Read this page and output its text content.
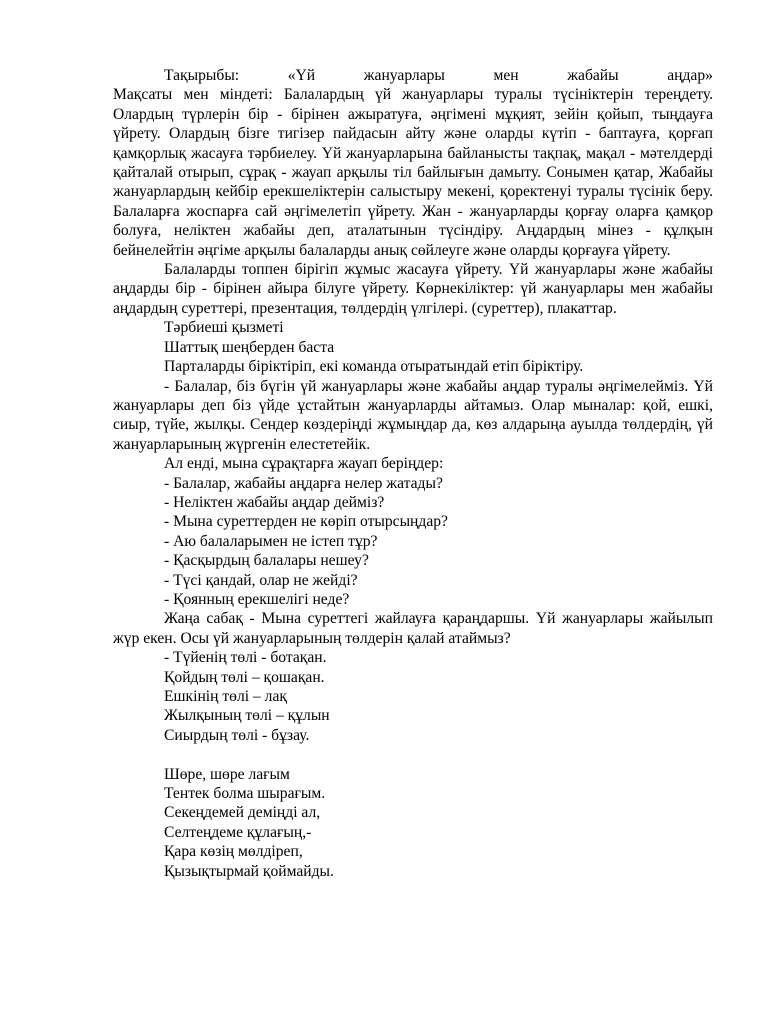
Тақырыбы:	«Үй	жануарлары	мен	жабайы	аңдар»

Мақсаты мен міндеті: Балалардың үй жануарлары туралы түсініктерін тереңдету. Олардың түрлерін бір - бірінен ажыратуға, әңгімені мұқият, зейін қойып, тыңдауға үйрету. Олардың бізге тигізер пайдасын айту және оларды күтіп - баптауға, қорғап қамқорлық жасауға тәрбиелеу. Үй жануарларына байланысты тақпақ, мақал - мәтелдерді қайталай отырып, сұрақ - жауап арқылы тіл байлығын дамыту. Сонымен қатар, Жабайы жануарлардың кейбір ерекшеліктерін салыстыру мекені, қоректенуі туралы түсінік беру. Балаларға жоспарға сай әңгімелетіп үйрету. Жан - жануарларды қорғау оларға қамқор болуға, неліктен жабайы деп, аталатынын түсіндіру. Аңдардың мінез - құлқын бейнелейтін әңгіме арқылы балаларды анық сөйлеуге және оларды қорғауға үйрету.

Балаларды топпен бірігіп жұмыс жасауға үйрету. Үй жануарлары және жабайы аңдарды бір - бірінен айыра білуге үйрету. Көрнекіліктер: үй жануарлары мен жабайы аңдардың суреттері, презентация, төлдердің үлгілері. (суреттер), плакаттар.

Тәрбиеші қызметі

Шаттық шеңберден баста

Парталарды біріктіріп, екі команда отыратындай етіп біріктіру.

- Балалар, біз бүгін үй жануарлары және жабайы аңдар туралы әңгімелейміз. Үй жануарлары деп біз үйде ұстайтын жануарларды айтамыз. Олар мыналар: қой, ешкі, сиыр, түйе, жылқы. Сендер көздеріңді жұмыңдар да, көз алдарыңа ауылда төлдердің, үй жануарларының жүргенін елестетейік.

Ал енді, мына сұрақтарға жауап беріңдер:

- Балалар, жабайы аңдарға нелер жатады?

- Неліктен жабайы аңдар дейміз?

- Мына суреттерден не көріп отырсыңдар?

- Аю балаларымен не істеп тұр?

- Қасқырдың балалары нешеу?

- Түсі қандай, олар не жейді?

- Қоянның ерекшелігі неде?

Жаңа сабақ - Мына суреттегі жайлауға қараңдаршы. Үй жануарлары жайылып жүр екен. Осы үй жануарларының төлдерін қалай атаймыз?

- Түйенің төлі - ботақан.

Қойдың төлі – қошақан.

Ешкінің төлі – лақ

Жылқының төлі – құлын

Сиырдың төлі - бұзау.

Шөре, шөре лағым

Тентек болма шырағым.

Секеңдемей деміңді ал,

Селтеңдеме құлағың,-

Қара көзің мөлдіреп,

Қызықтырмай қоймайды.
